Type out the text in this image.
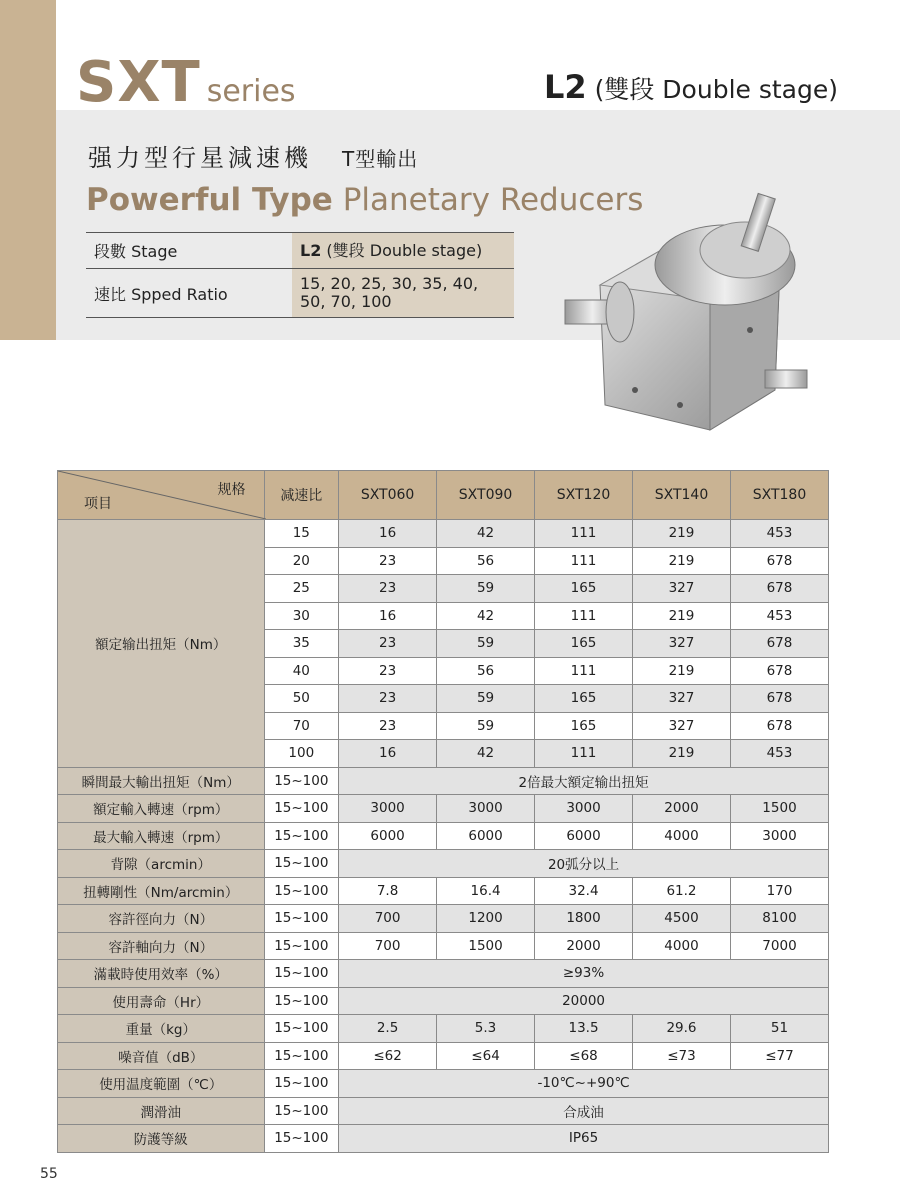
SXT series	L2 (雙段 Double stage)
强力型行星減速機 T型輸出
Powerful Type Planetary Reducers
段數 Stage	L2 (雙段 Double stage)
速比 Spped Ratio	15, 20, 25, 30, 35, 40,
50, 70, 100
规格
项目	减速比	SXT060	SXT090	SXT120	SXT140	SXT180
額定输出扭矩（Nm）	15	16	42	111	219	453
	20	23	56	111	219	678
	25	23	59	165	327	678
	30	16	42	111	219	453
	35	23	59	165	327	678
	40	23	56	111	219	678
	50	23	59	165	327	678
	70	23	59	165	327	678
	100	16	42	111	219	453
瞬間最大輸出扭矩（Nm）	15~100	2倍最大額定输出扭矩				
額定輸入轉速（rpm）	15~100	3000	3000	3000	2000	1500
最大輸入轉速（rpm）	15~100	6000	6000	6000	4000	3000
背隙（arcmin）	15~100	20弧分以上				
扭轉剛性（Nm/arcmin）	15~100	7.8	16.4	32.4	61.2	170
容許徑向力（N）	15~100	700	1200	1800	4500	8100
容許軸向力（N）	15~100	700	1500	2000	4000	7000
滿載時使用效率（%）	15~100	≥93%				
使用壽命（Hr）	15~100	20000				
重量（kg）	15~100	2.5	5.3	13.5	29.6	51
噪音值（dB）	15~100	≤62	≤64	≤68	≤73	≤77
使用温度範圍（℃）	15~100	-10℃~+90℃				
潤滑油	15~100	合成油				
防護等級	15~100	IP65				
55
